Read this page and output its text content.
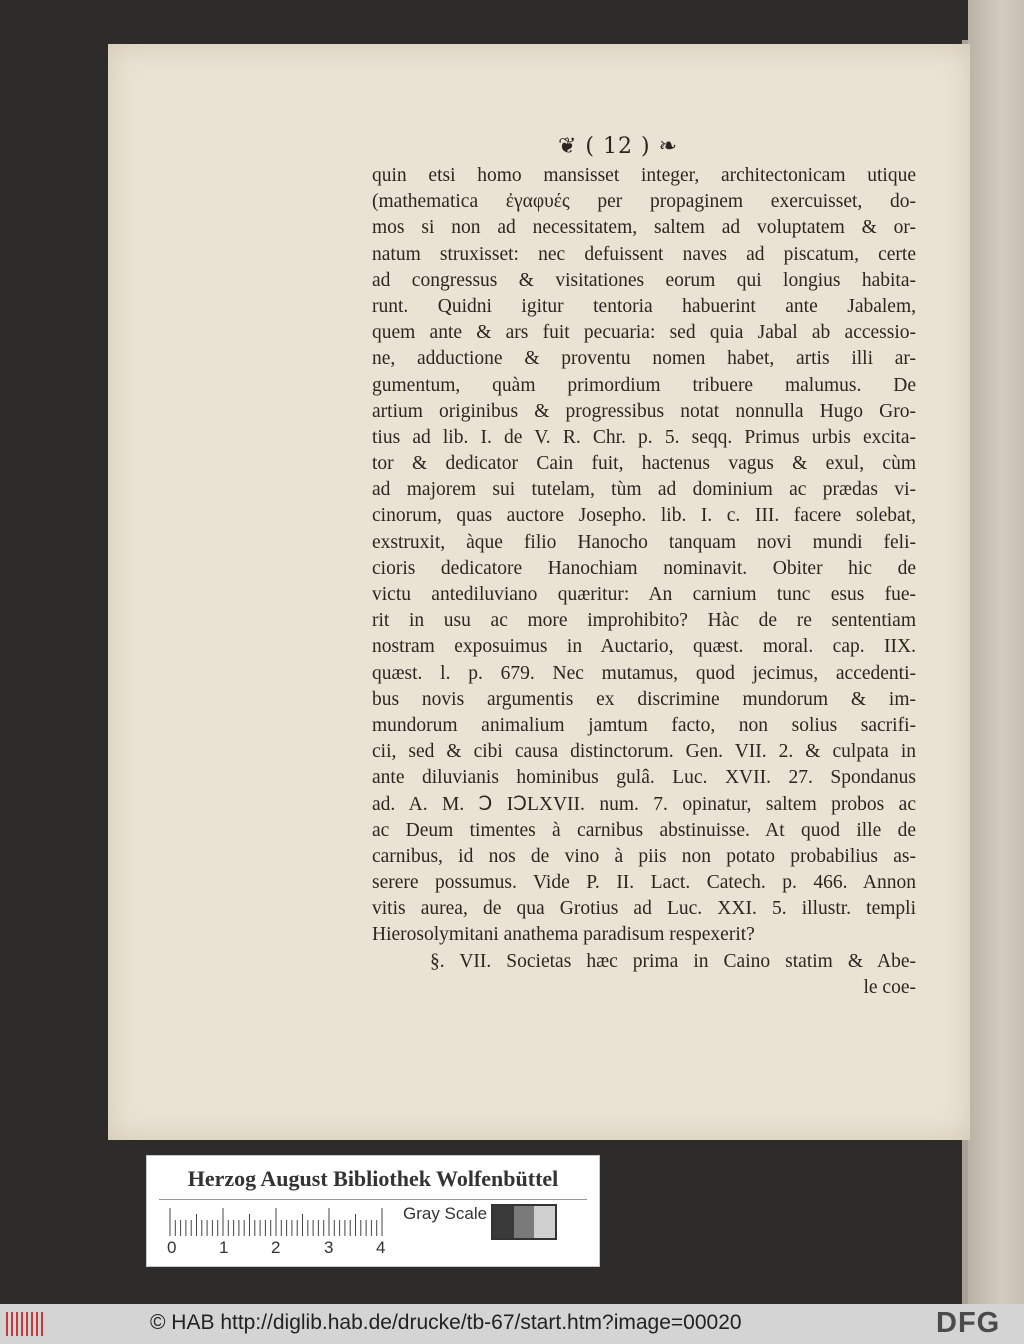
❦ ( 12 ) ❧
quin etsi homo mansisset integer, architectonicam utique
(mathematica ἐγαφυές per propaginem exercuisset, do-
mos si non ad necessitatem, saltem ad voluptatem & or-
natum struxisset: nec defuissent naves ad piscatum, certe
ad congressus & visitationes eorum qui longius habita-
runt. Quidni igitur tentoria habuerint ante Jabalem,
quem ante & ars fuit pecuaria: sed quia Jabal ab accessio-
ne, adductione & proventu nomen habet, artis illi ar-
gumentum, quàm primordium tribuere malumus. De
artium originibus & progressibus notat nonnulla Hugo Gro-
tius ad lib. I. de V. R. Chr. p. 5. seqq. Primus urbis excita-
tor & dedicator Cain fuit, hactenus vagus & exul, cùm
ad majorem sui tutelam, tùm ad dominium ac prædas vi-
cinorum, quas auctore Josepho. lib. I. c. III. facere solebat,
exstruxit, àque filio Hanocho tanquam novi mundi feli-
cioris dedicatore Hanochiam nominavit. Obiter hic de
victu antediluviano quæritur: An carnium tunc esus fue-
rit in usu ac more improhibito? Hàc de re sententiam
nostram exposuimus in Auctario, quæst. moral. cap. IIX.
quæst. l. p. 679. Nec mutamus, quod jecimus, accedenti-
bus novis argumentis ex discrimine mundorum & im-
mundorum animalium jamtum facto, non solius sacrifi-
cii, sed & cibi causa distinctorum. Gen. VII. 2. & culpata in
ante diluvianis hominibus gulâ. Luc. XVII. 27. Spondanus
ad. A. M. Ↄ IↃLXVII. num. 7. opinatur, saltem probos ac
ac Deum timentes à carnibus abstinuisse. At quod ille de
carnibus, id nos de vino à piis non potato probabilius as-
serere possumus. Vide P. II. Lact. Catech. p. 466. Annon
vitis aurea, de qua Grotius ad Luc. XXI. 5. illustr. templi
Hierosolymitani anathema paradisum respexerit?
§. VII. Societas hæc prima in Caino statim & Abe-
le coe-
Herzog August Bibliothek Wolfenbüttel
0	1	2	3	4
Gray Scale
© HAB http://diglib.hab.de/drucke/tb-67/start.htm?image=00020	DFG
